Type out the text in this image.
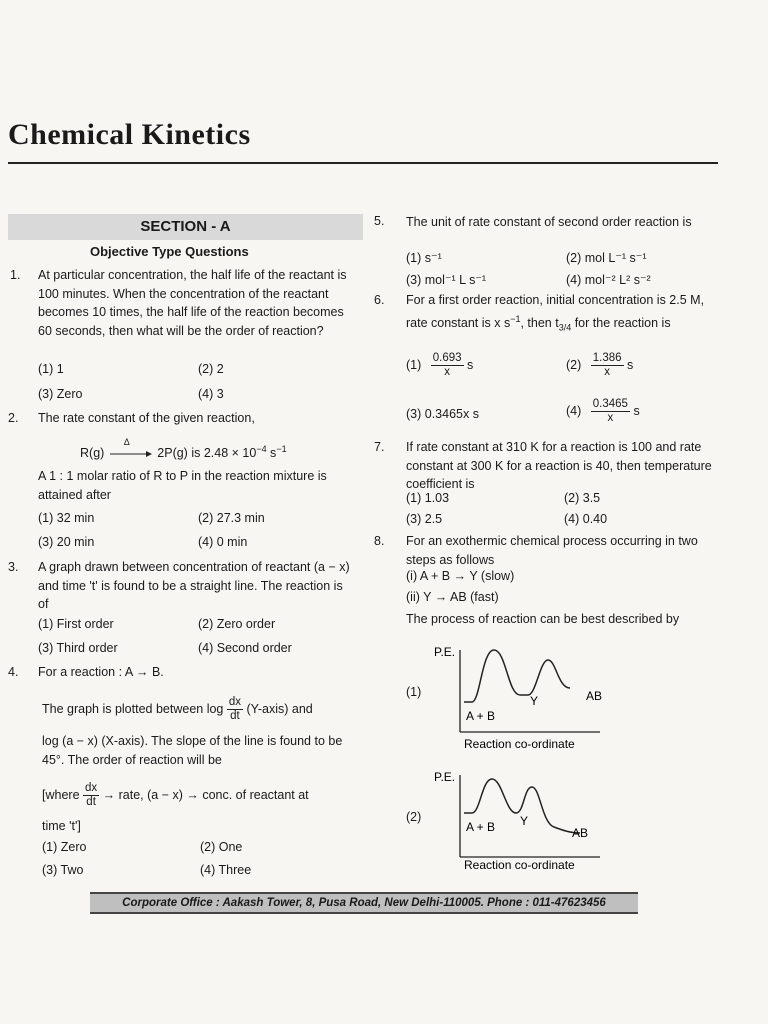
Chemical Kinetics
SECTION - A
Objective Type Questions
1. At particular concentration, the half life of the reactant is 100 minutes. When the concentration of the reactant becomes 10 times, the half life of the reaction becomes 60 seconds, then what will be the order of reaction?
(1) 1	(2) 2
(3) Zero	(4) 3
2. The rate constant of the given reaction,
R(g)
Δ
2P(g) is $2.48 \times 10^{-4}$ $s^{-1}$
A 1 : 1 molar ratio of R to P in the reaction mixture is attained after
(1) 32 min	(2) 27.3 min
(3) 20 min	(4) 0 min
3. A graph drawn between concentration of reactant (a − x) and time 't' is found to be a straight line. The reaction is of
(1) First order	(2) Zero order
(3) Third order	(4) Second order
4. For a reaction : A → B.
The graph is plotted between $\log \frac{dx}{dt}$ (Y-axis) and
log (a − x) (X-axis). The slope of the line is found to be 45°. The order of reaction will be
[where $\frac{dx}{dt}$ → rate, (a − x) → conc. of reactant at
time 't']
(1) Zero	(2) One
(3) Two	(4) Three
5. The unit of rate constant of second order reaction is
(1) s⁻¹	(2) mol L⁻¹ s⁻¹
(3) mol⁻¹ L s⁻¹	(4) mol⁻² L² s⁻²
6. For a first order reaction, initial concentration is 2.5 M, rate constant is x $s^{-1}$, then $t_{3/4}$ for the reaction is
$(1) \frac{0.693}{x}$ s	$(2) \frac{1.386}{x}$ s
(3) 0.3465x s	$(4) \frac{0.3465}{x}$ s
7. If rate constant at 310 K for a reaction is 100 and rate constant at 300 K for a reaction is 40, then temperature coefficient is
(1) 1.03	(2) 3.5
(3) 2.5	(4) 0.40
8. For an exothermic chemical process occurring in two steps as follows
(i) A + B → Y (slow)
(ii) Y → AB (fast)
The process of reaction can be best described by
(1)
(2)
P.E.
A + B
Y	AB
Reaction co-ordinate
P.E.
A + B Y
AB
Reaction co-ordinate
Corporate Office : Aakash Tower, 8, Pusa Road, New Delhi-110005. Phone : 011-47623456
